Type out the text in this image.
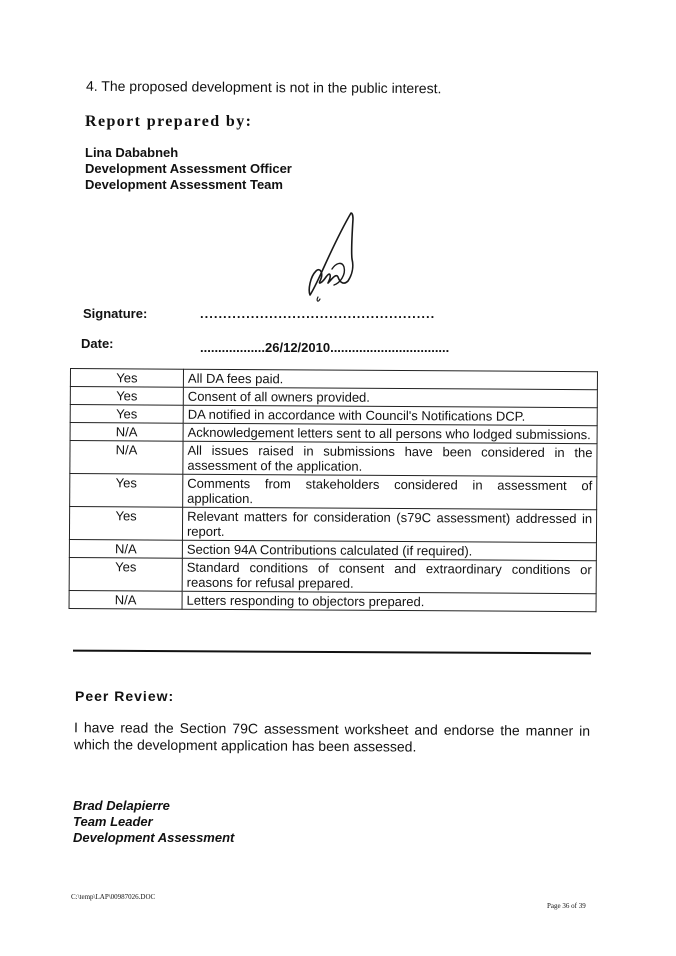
4. The proposed development is not in the public interest.
Report prepared by:
Lina Dababneh
Development Assessment Officer
Development Assessment Team
Signature:	...................................................
Date:	..................26/12/2010.................................
Yes	All DA fees paid.
Yes	Consent of all owners provided.
Yes	DA notified in accordance with Council's Notifications DCP.
N/A	Acknowledgement letters sent to all persons who lodged submissions.
N/A	All issues raised in submissions have been considered in the assessment of the application.
Yes	Comments from stakeholders considered in assessment of application.
Yes	Relevant matters for consideration (s79C assessment) addressed in report.
N/A	Section 94A Contributions calculated (if required).
Yes	Standard conditions of consent and extraordinary conditions or reasons for refusal prepared.
N/A	Letters responding to objectors prepared.
Peer Review:
I have read the Section 79C assessment worksheet and endorse the manner in which the development application has been assessed.
Brad Delapierre
Team Leader
Development Assessment
C:\temp\LAP\00987026.DOC
Page 36 of 39
